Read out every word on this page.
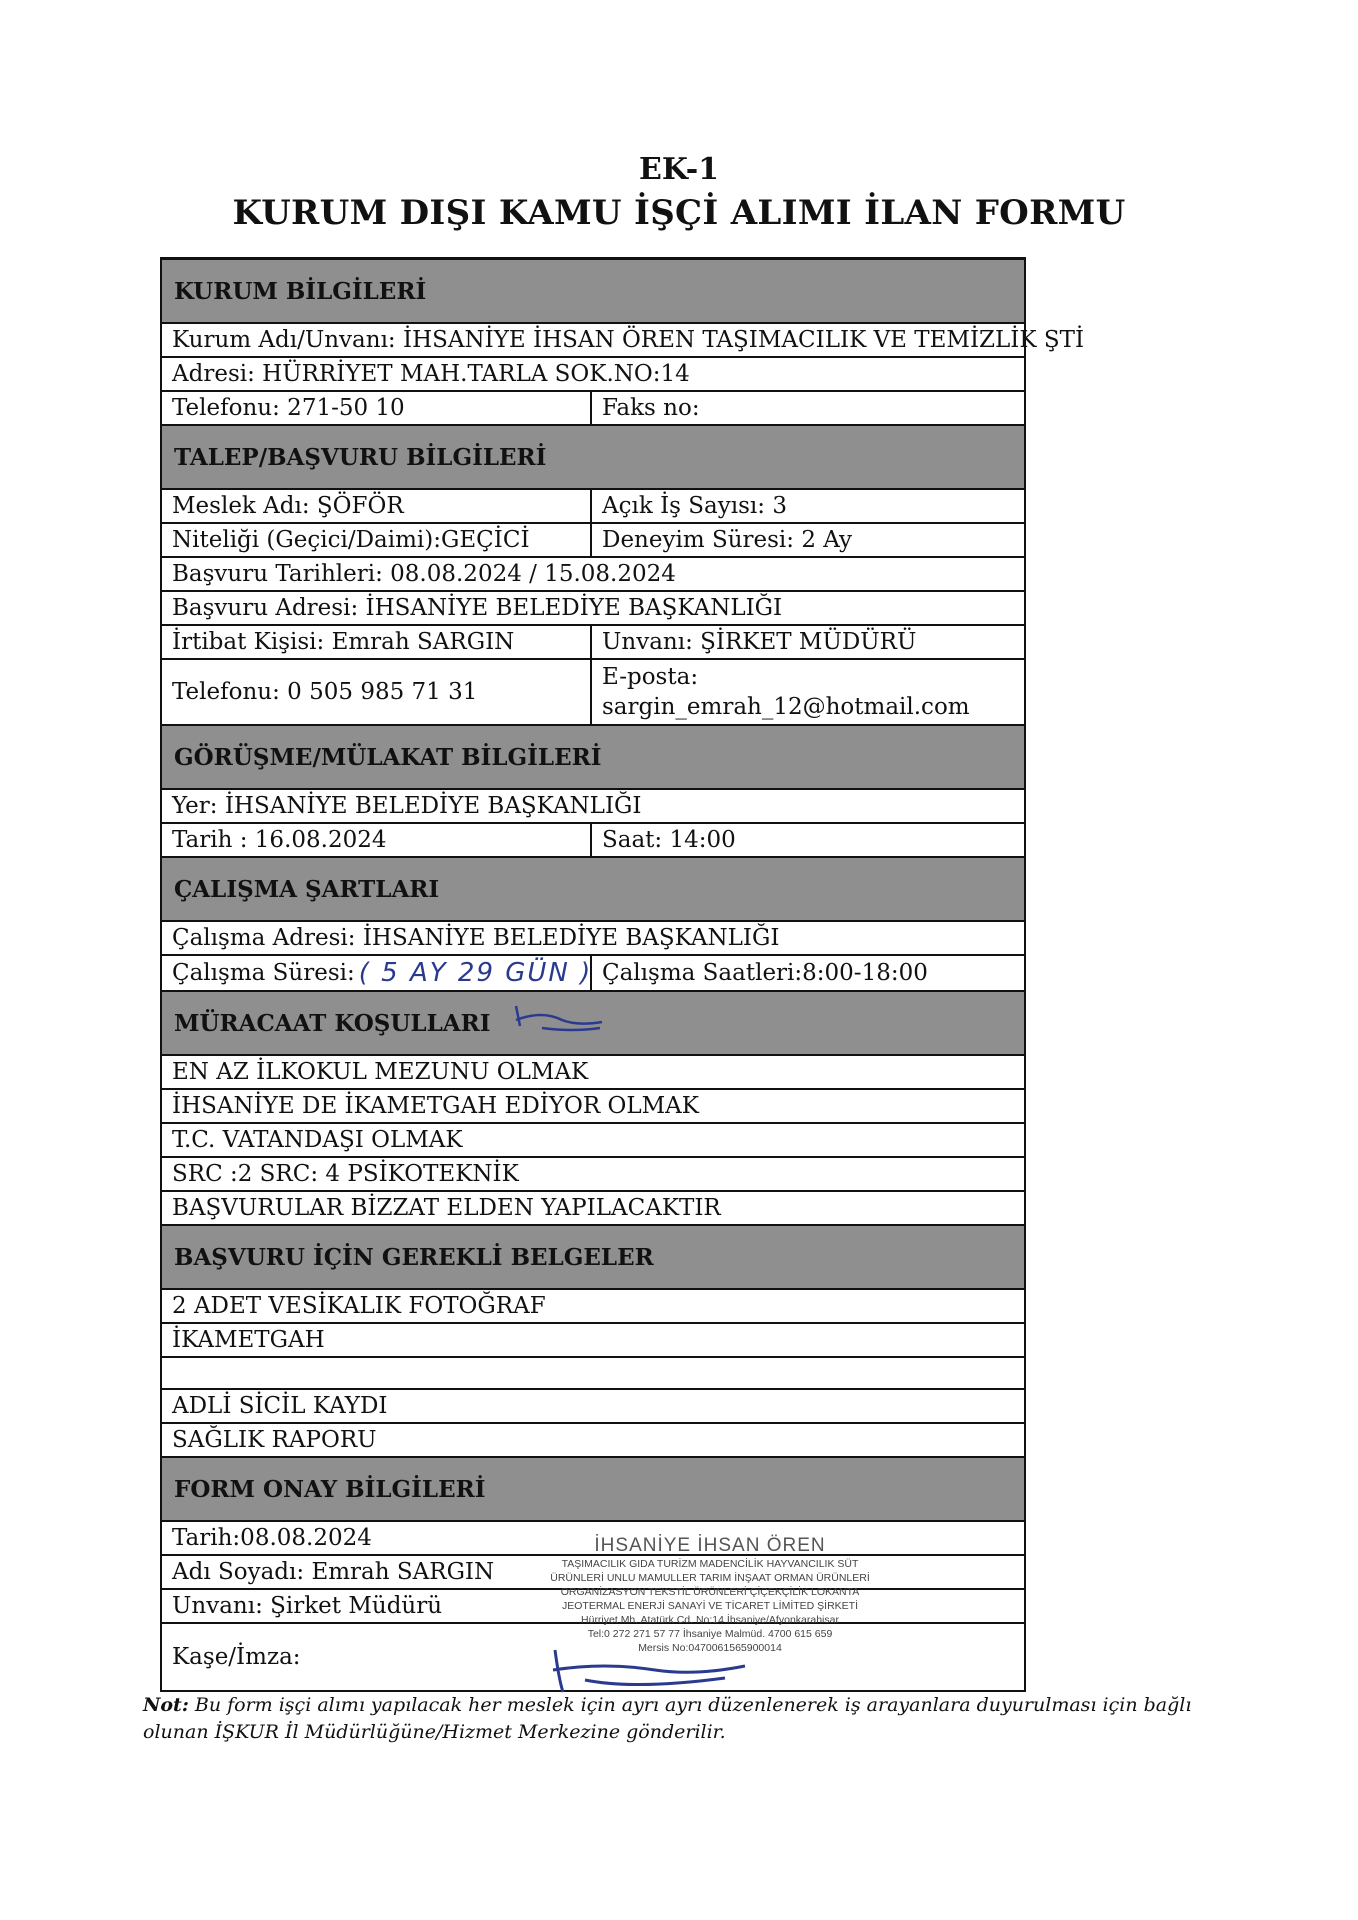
EK-1
KURUM DIŞI KAMU İŞÇİ ALIMI İLAN FORMU
KURUM BİLGİLERİ
Kurum Adı/Unvanı: İHSANİYE İHSAN ÖREN TAŞIMACILIK VE TEMİZLİK ŞTİ
Adresi: HÜRRİYET MAH.TARLA SOK.NO:14
Telefonu: 271-50 10	Faks no:
TALEP/BAŞVURU BİLGİLERİ
Meslek Adı: ŞÖFÖR	Açık İş Sayısı: 3
Niteliği (Geçici/Daimi):GEÇİCİ	Deneyim Süresi: 2 Ay
Başvuru Tarihleri: 08.08.2024 / 15.08.2024
Başvuru Adresi: İHSANİYE BELEDİYE BAŞKANLIĞI
İrtibat Kişisi: Emrah SARGIN	Unvanı: ŞİRKET MÜDÜRÜ
Telefonu: 0 505 985 71 31
E-posta:
sargin_emrah_12@hotmail.com
GÖRÜŞME/MÜLAKAT BİLGİLERİ
Yer: İHSANİYE BELEDİYE BAŞKANLIĞI
Tarih : 16.08.2024	Saat: 14:00
ÇALIŞMA ŞARTLARI
Çalışma Adresi: İHSANİYE BELEDİYE BAŞKANLIĞI
Çalışma Süresi: ( 5 AY 29 GÜN ) Çalışma Saatleri:8:00-18:00
MÜRACAAT KOŞULLARI
EN AZ İLKOKUL MEZUNU OLMAK
İHSANİYE DE İKAMETGAH EDİYOR OLMAK
T.C. VATANDAŞI OLMAK
SRC :2 SRC: 4 PSİKOTEKNİK
BAŞVURULAR BİZZAT ELDEN YAPILACAKTIR
BAŞVURU İÇİN GEREKLİ BELGELER
2 ADET VESİKALIK FOTOĞRAF
İKAMETGAH
ADLİ SİCİL KAYDI
SAĞLIK RAPORU
FORM ONAY BİLGİLERİ
Tarih:08.08.2024
Adı Soyadı: Emrah SARGIN
Unvanı: Şirket Müdürü
Kaşe/İmza:
İHSANİYE İHSAN ÖREN
TAŞIMACILIK GIDA TURİZM MADENCİLİK HAYVANCILIK SÜT
ÜRÜNLERİ UNLU MAMULLER TARIM İNŞAAT ORMAN ÜRÜNLERİ
ORGANİZASYON TEKSTİL ÜRÜNLERİ ÇİÇEKÇİLİK LOKANTA
JEOTERMAL ENERJİ SANAYİ VE TİCARET LİMİTED ŞİRKETİ
Hürriyet Mh. Atatürk Cd. No:14 İhsaniye/Afyonkarahisar
Tel:0 272 271 57 77 İhsaniye Malmüd. 4700 615 659
Mersis No:0470061565900014
Not: Bu form işçi alımı yapılacak her meslek için ayrı ayrı düzenlenerek iş arayanlara duyurulması için bağlı olunan İŞKUR İl Müdürlüğüne/Hizmet Merkezine gönderilir.
